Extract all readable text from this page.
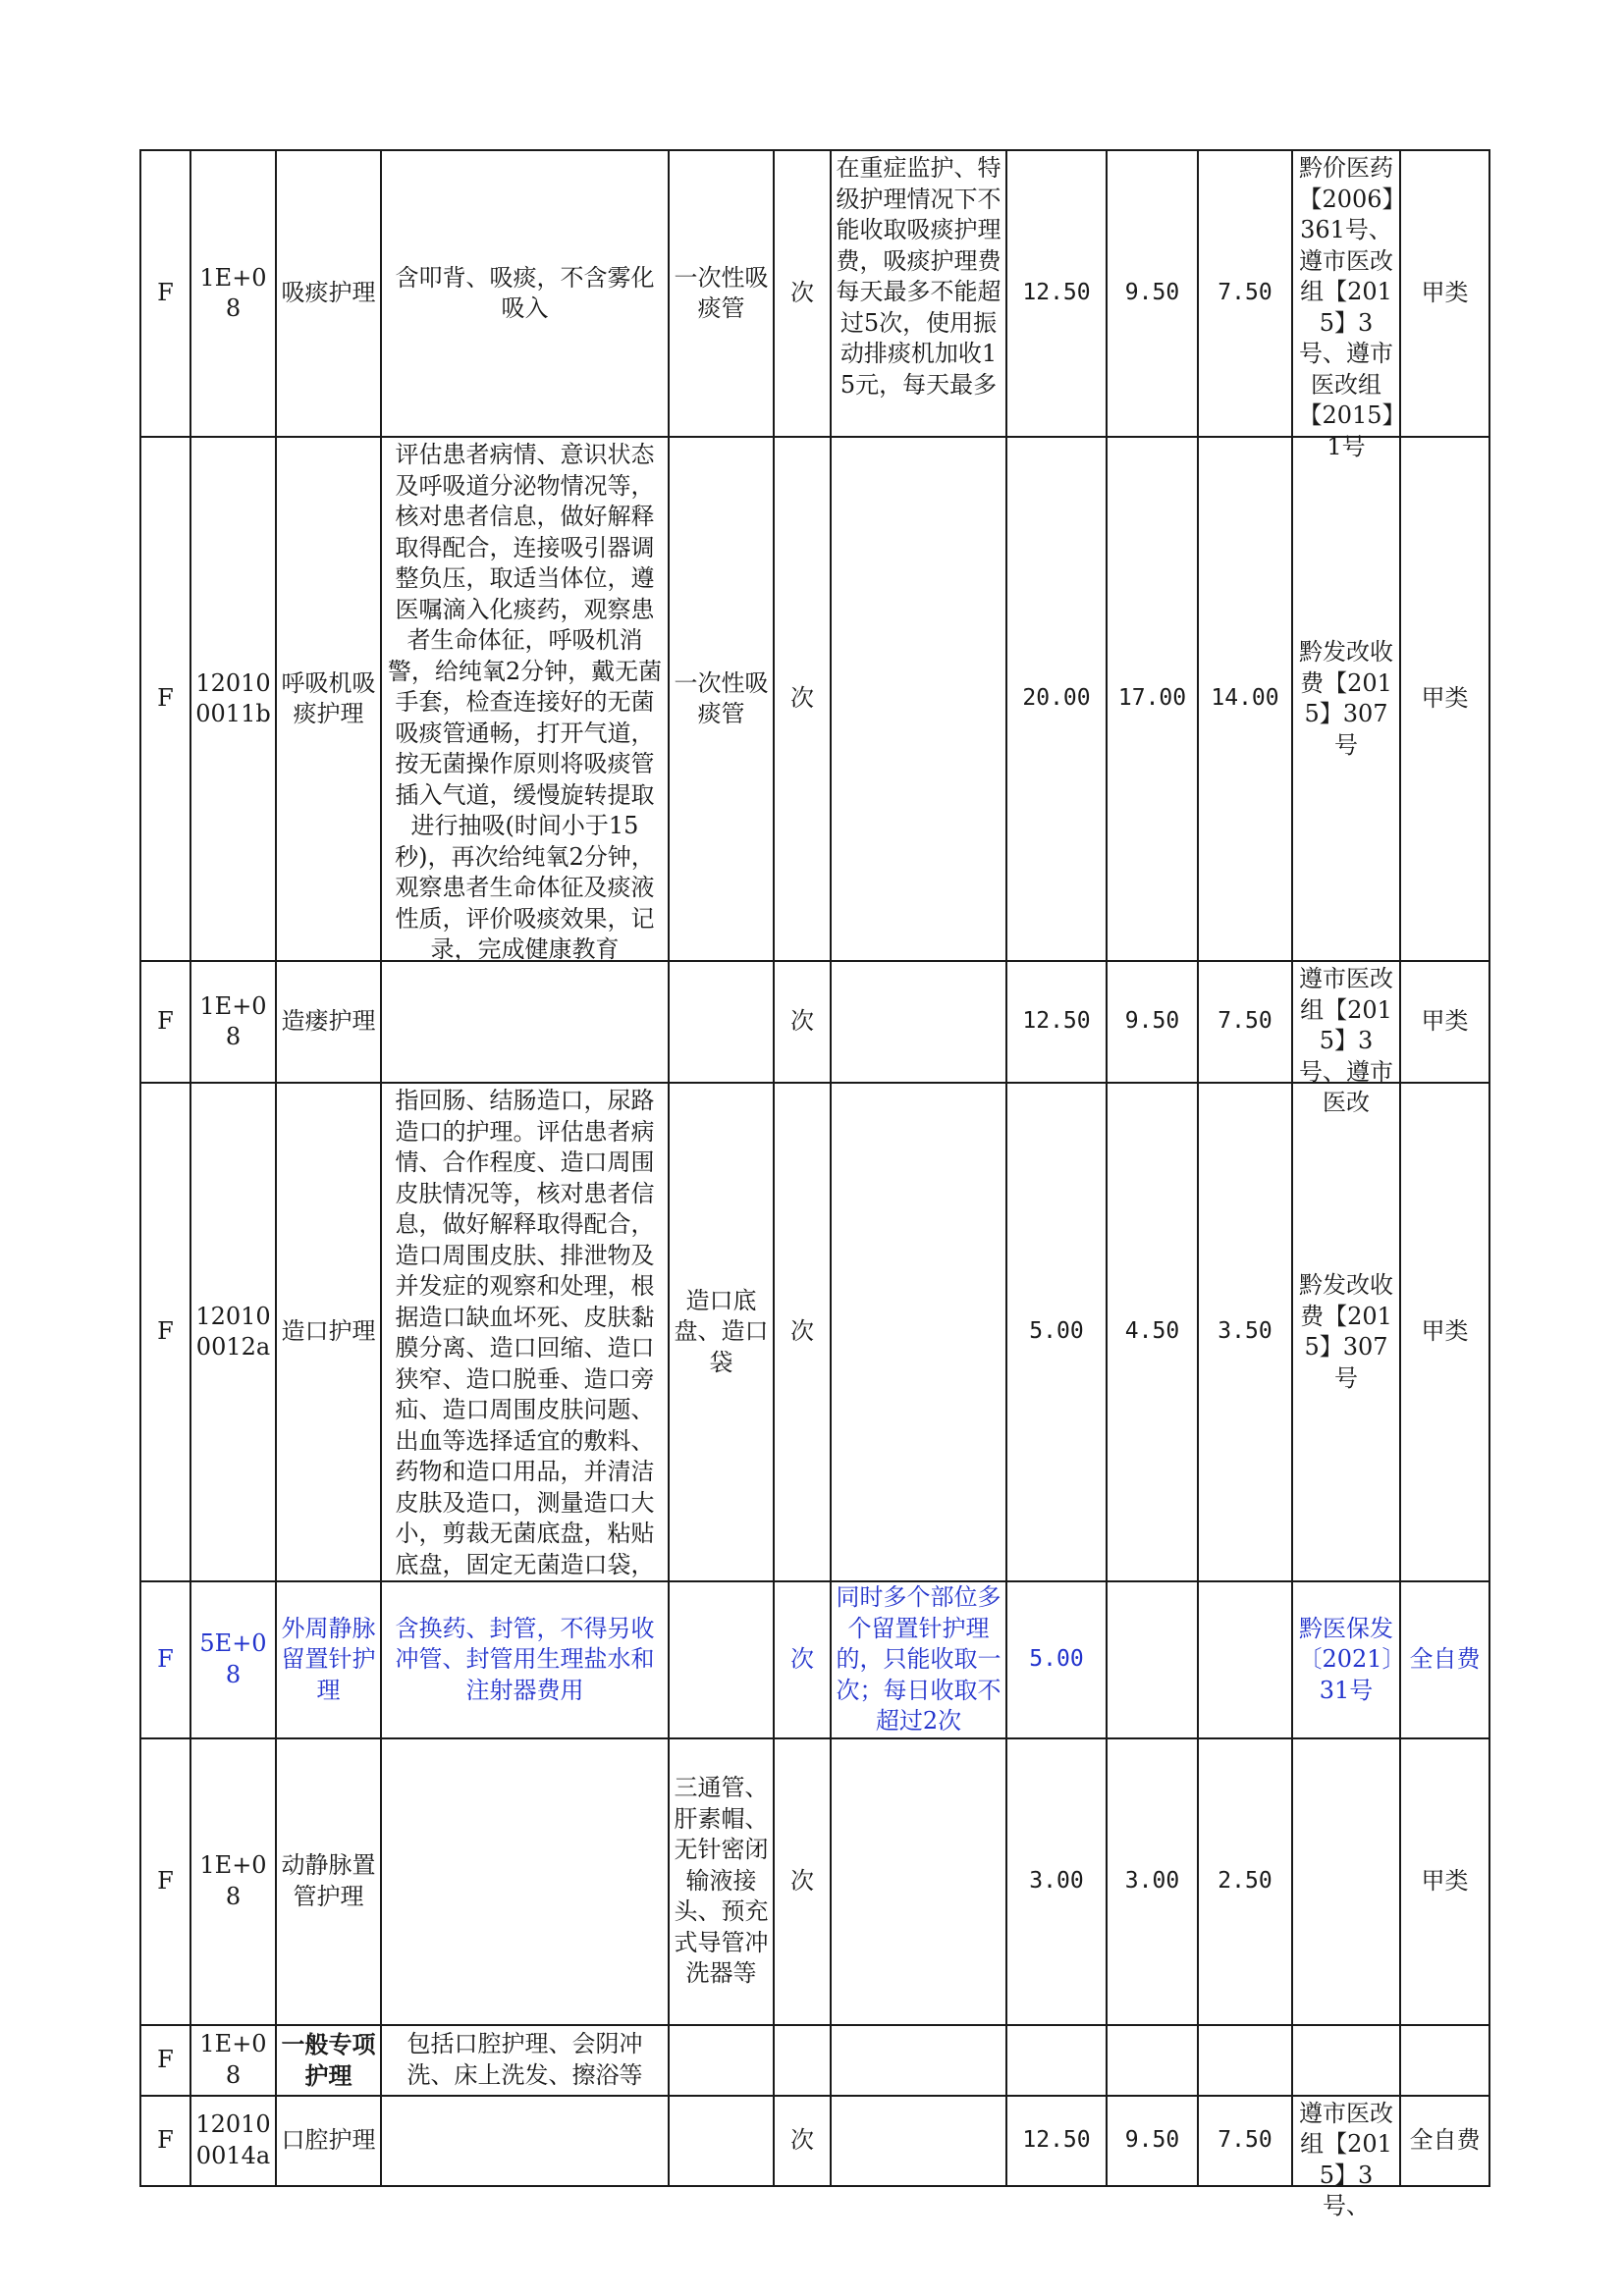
F	1E+08	吸痰护理	含叩背、吸痰，不含雾化吸入	一次性吸痰管	次	在重症监护、特级护理情况下不能收取吸痰护理费，吸痰护理费每天最多不能超过5次，使用振动排痰机加收15元，每天最多	12.50	9.50	7.50	黔价医药【2006】361号、遵市医改组【2015】3号、遵市医改组【2015】1号	甲类

F	120100011b	呼吸机吸痰护理	评估患者病情、意识状态及呼吸道分泌物情况等，核对患者信息，做好解释取得配合，连接吸引器调整负压，取适当体位，遵医嘱滴入化痰药，观察患者生命体征，呼吸机消警，给纯氧2分钟，戴无菌手套，检查连接好的无菌吸痰管通畅，打开气道，按无菌操作原则将吸痰管插入气道，缓慢旋转提取进行抽吸(时间小于15秒)，再次给纯氧2分钟，观察患者生命体征及痰液性质，评价吸痰效果，记录，完成健康教育	一次性吸痰管	次		20.00	17.00	14.00	黔发改收费【2015】307号	甲类

F	1E+08	造瘘护理			次		12.50	9.50	7.50	遵市医改组【2015】3号、遵市医改	甲类

F	120100012a	造口护理	指回肠、结肠造口，尿路造口的护理。评估患者病情、合作程度、造口周围皮肤情况等，核对患者信息，做好解释取得配合，造口周围皮肤、排泄物及并发症的观察和处理，根据造口缺血坏死、皮肤黏膜分离、造口回缩、造口狭窄、造口脱垂、造口旁疝、造口周围皮肤问题、出血等选择适宜的敷料、药物和造口用品，并清洁皮肤及造口，测量造口大小，剪裁无菌底盘，粘贴底盘，固定无菌造口袋，	造口底盘、造口袋	次		5.00	4.50	3.50	黔发改收费【2015】307号	甲类

F	5E+08	外周静脉留置针护理	含换药、封管，不得另收冲管、封管用生理盐水和注射器费用		次	同时多个部位多个留置针护理的，只能收取一次；每日收取不超过2次	5.00			黔医保发〔2021〕31号	全自费

F	1E+08	动静脉置管护理		三通管、肝素帽、无针密闭输液接头、预充式导管冲洗器等	次		3.00	3.00	2.50		甲类

F	1E+08	一般专项护理	包括口腔护理、会阴冲洗、床上洗发、擦浴等								

F	120100014a	口腔护理			次		12.50	9.50	7.50	遵市医改组【2015】3号、	全自费
